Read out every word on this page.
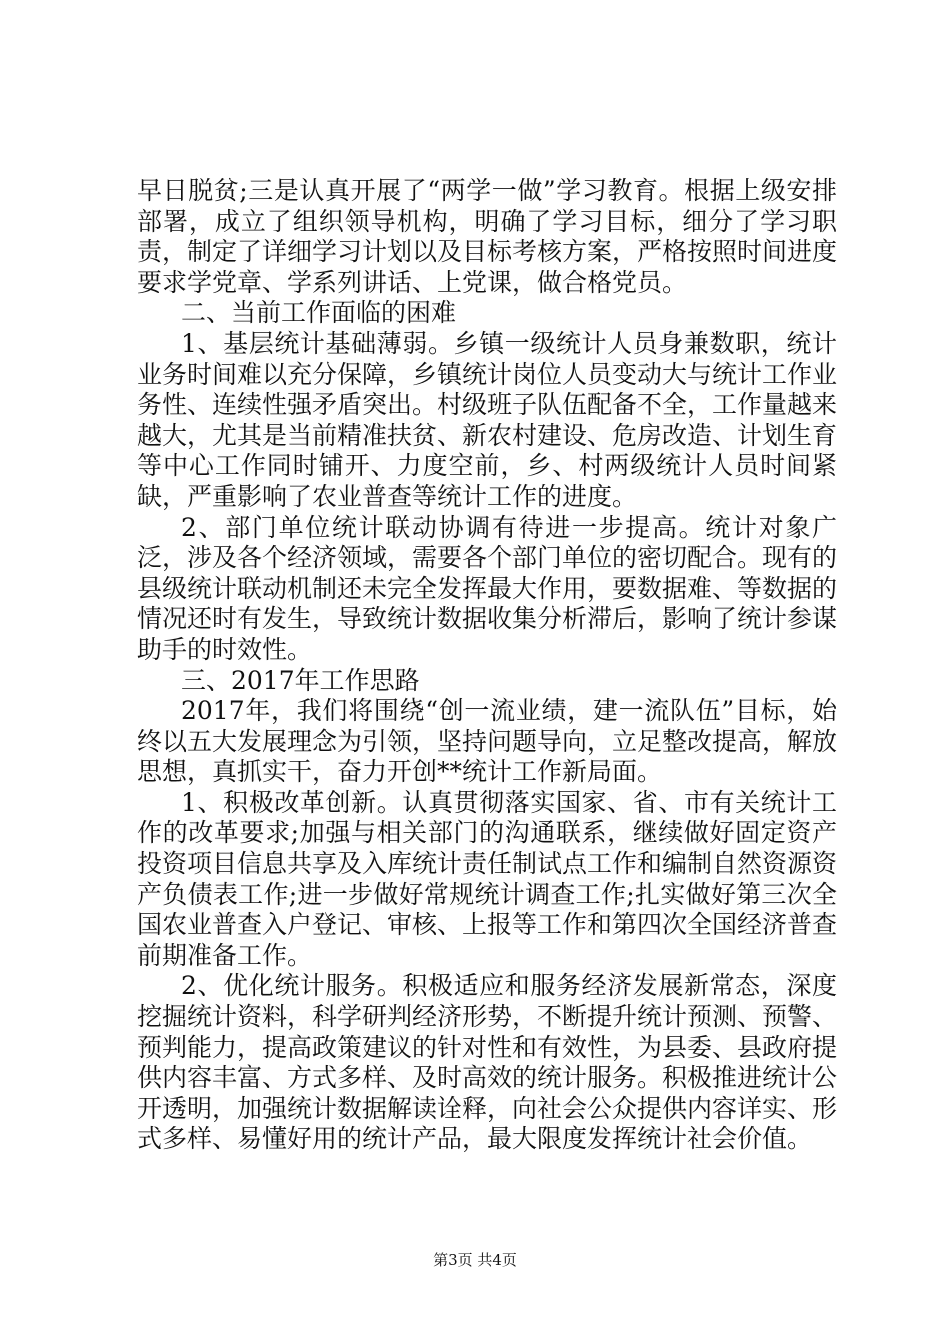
早日脱贫;三是认真开展了“两学一做”学习教育。根据上级安排部署，成立了组织领导机构，明确了学习目标，细分了学习职责，制定了详细学习计划以及目标考核方案，严格按照时间进度要求学党章、学系列讲话、上党课，做合格党员。

二、当前工作面临的困难

1、基层统计基础薄弱。乡镇一级统计人员身兼数职，统计业务时间难以充分保障，乡镇统计岗位人员变动大与统计工作业务性、连续性强矛盾突出。村级班子队伍配备不全，工作量越来越大，尤其是当前精准扶贫、新农村建设、危房改造、计划生育等中心工作同时铺开、力度空前，乡、村两级统计人员时间紧缺，严重影响了农业普查等统计工作的进度。

2、部门单位统计联动协调有待进一步提高。统计对象广泛，涉及各个经济领域，需要各个部门单位的密切配合。现有的县级统计联动机制还未完全发挥最大作用，要数据难、等数据的情况还时有发生，导致统计数据收集分析滞后，影响了统计参谋助手的时效性。

三、2017年工作思路

2017年，我们将围绕“创一流业绩，建一流队伍”目标，始终以五大发展理念为引领，坚持问题导向，立足整改提高，解放思想，真抓实干，奋力开创**统计工作新局面。

1、积极改革创新。认真贯彻落实国家、省、市有关统计工作的改革要求;加强与相关部门的沟通联系，继续做好固定资产投资项目信息共享及入库统计责任制试点工作和编制自然资源资产负债表工作;进一步做好常规统计调查工作;扎实做好第三次全国农业普查入户登记、审核、上报等工作和第四次全国经济普查前期准备工作。

2、优化统计服务。积极适应和服务经济发展新常态，深度挖掘统计资料，科学研判经济形势，不断提升统计预测、预警、预判能力，提高政策建议的针对性和有效性，为县委、县政府提供内容丰富、方式多样、及时高效的统计服务。积极推进统计公开透明，加强统计数据解读诠释，向社会公众提供内容详实、形式多样、易懂好用的统计产品，最大限度发挥统计社会价值。

第3页 共4页
